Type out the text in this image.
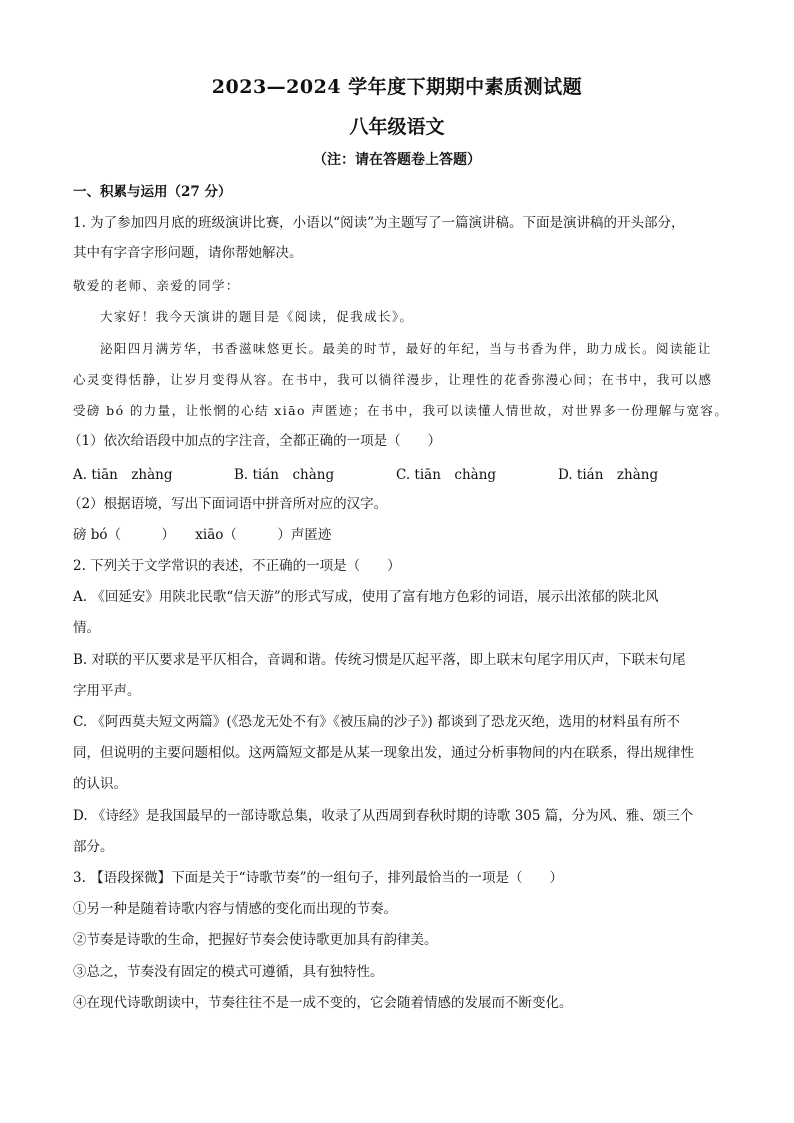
2023—2024 学年度下期期中素质测试题
八年级语文
（注：请在答题卷上答题）
一、积累与运用（27 分）
1. 为了参加四月底的班级演讲比赛，小语以“阅读”为主题写了一篇演讲稿。下面是演讲稿的开头部分，
其中有字音字形问题，请你帮她解决。
敬爱的老师、亲爱的同学：
大家好！我今天演讲的题目是《阅读，促我成长》。
泌阳四月满芳华，书香滋味悠更长。最美的时节，最好的年纪，当与书香为伴，助力成长。阅读能让
心灵变得恬静，让岁月变得从容。在书中，我可以徜徉漫步，让理性的花香弥漫心间；在书中，我可以感
受磅 bó 的力量，让怅惘的心结 xiāo 声匿迹；在书中，我可以读懂人情世故，对世界多一份理解与宽容。
（1）依次给语段中加点的字注音，全都正确的一项是（　　）
A. tiān　zhàng	B. tián　chàng	C. tiān　chàng	D. tián　zhàng
（2）根据语境，写出下面词语中拼音所对应的汉字。
磅 bó（　　　）　　xiāo（　　　）声匿迹
2. 下列关于文学常识的表述，不正确的一项是（　　）
A. 《回延安》用陕北民歌“信天游”的形式写成，使用了富有地方色彩的词语，展示出浓郁的陕北风
情。
B. 对联的平仄要求是平仄相合，音调和谐。传统习惯是仄起平落，即上联末句尾字用仄声，下联末句尾
字用平声。
C. 《阿西莫夫短文两篇》(《恐龙无处不有》《被压扁的沙子》) 都谈到了恐龙灭绝，选用的材料虽有所不
同，但说明的主要问题相似。这两篇短文都是从某一现象出发，通过分析事物间的内在联系，得出规律性
的认识。
D. 《诗经》是我国最早的一部诗歌总集，收录了从西周到春秋时期的诗歌 305 篇，分为风、雅、颂三个
部分。
3. 【语段探微】下面是关于“诗歌节奏”的一组句子，排列最恰当的一项是（　　）
①另一种是随着诗歌内容与情感的变化而出现的节奏。
②节奏是诗歌的生命，把握好节奏会使诗歌更加具有韵律美。
③总之，节奏没有固定的模式可遵循，具有独特性。
④在现代诗歌朗读中，节奏往往不是一成不变的，它会随着情感的发展而不断变化。
